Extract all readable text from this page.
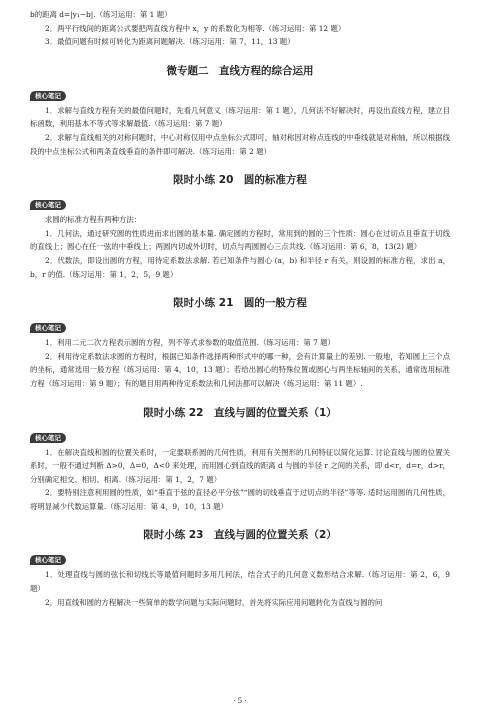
b的距离 d=|y₁−b|.（练习运用：第 1 题）

2．两平行线间的距离公式要把两直线方程中 x，y 的系数化为相等.（练习运用：第 12 题）

3．最值问题有时候可转化为距离问题解决.（练习运用：第 7，11，13 题）

微专题二　直线方程的综合运用
核心笔记

1．求解与直线方程有关的最值问题时，先看几何意义（练习运用：第 1 题），几何法不好解决时，再设出直线方程，建立目标函数，利用基本不等式等求解最值.（练习运用：第 7 题）

2．求解与直线相关的对称问题时，中心对称仅用中点坐标公式即可，轴对称因对称点连线的中垂线就是对称轴，所以根据线段的中点坐标公式和两条直线垂直的条件即可解决.（练习运用：第 2 题）

限时小练 20　圆的标准方程
核心笔记

求圆的标准方程有两种方法：

1．几何法，通过研究圆的性质进而求出圆的基本量. 确定圆的方程时，常用到的圆的三个性质：圆心在过切点且垂直于切线的直线上；圆心在任一弦的中垂线上；两圆内切或外切时，切点与两圆圆心三点共线.（练习运用：第 6，8，13(2) 题）

2．代数法，即设出圆的方程，用待定系数法求解. 若已知条件与圆心 (a，b) 和半径 r 有关，则设圆的标准方程，求出 a，b，r 的值.（练习运用：第 1，2，5，9 题）

限时小练 21　圆的一般方程
核心笔记

1．利用二元二次方程表示圆的方程，列不等式求参数的取值范围.（练习运用：第 7 题）

2．利用待定系数法求圆的方程时，根据已知条件选择两种形式中的哪一种，会有计算量上的差别. 一般地，若知圆上三个点的坐标，通常选用一般方程（练习运用：第 4，10，13 题）；若给出圆心的特殊位置或圆心与两坐标轴间的关系，通常选用标准方程（练习运用：第 9 题）；有的题目用两种待定系数法和几何法都可以解决（练习运用：第 11 题）.

限时小练 22　直线与圆的位置关系（1）
核心笔记

1．在解决直线和圆的位置关系时，一定要联系圆的几何性质，利用有关图形的几何特征以简化运算. 讨论直线与圆的位置关系时，一般不通过判断 Δ>0，Δ=0，Δ<0 来处理，而用圆心到直线的距离 d 与圆的半径 r 之间的关系，即 d<r，d=r，d>r，分别确定相交、相切、相离.（练习运用：第 1，2，7 题）

2．要特别注意利用圆的性质，如“垂直于弦的直径必平分弦”“圆的切线垂直于过切点的半径”等等. 适时运用圆的几何性质，将明显减少代数运算量.（练习运用：第 4，9，10，13 题）

限时小练 23　直线与圆的位置关系（2）
核心笔记

1．处理直线与圆的弦长和切线长等最值问题时多用几何法，结合式子的几何意义数形结合求解.（练习运用：第 2，6，9 题）

2．用直线和圆的方程解决一些简单的数学问题与实际问题时，首先将实际应用问题转化为直线与圆的问

· 5 ·
